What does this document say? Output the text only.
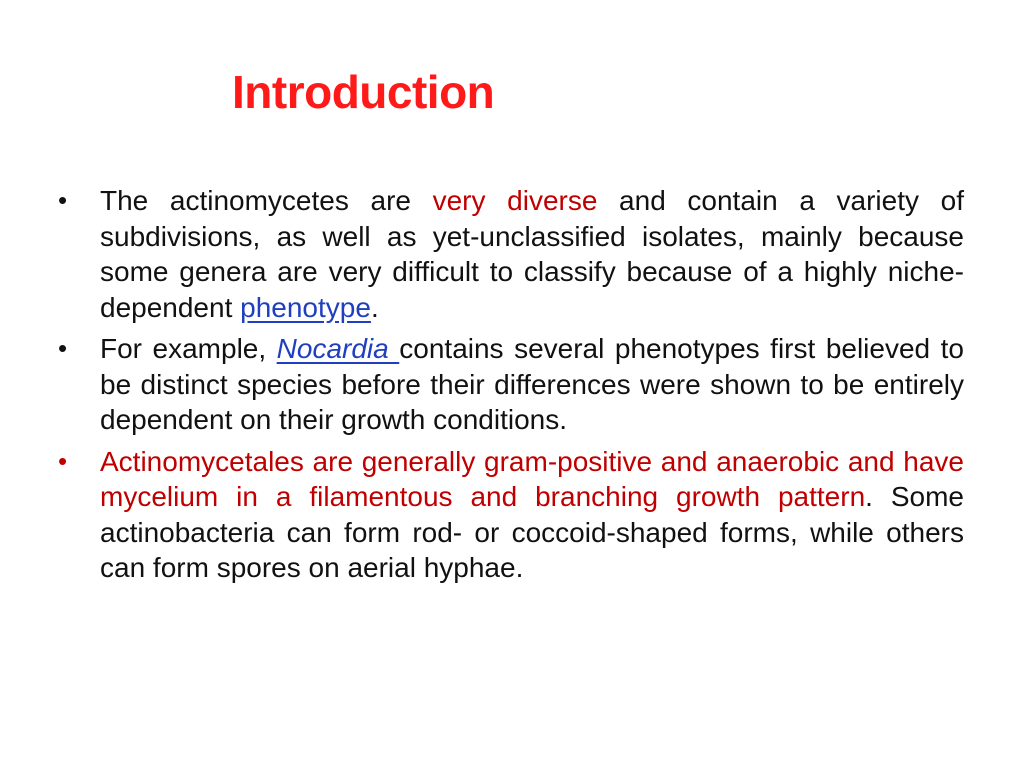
Introduction
•	The actinomycetes are very diverse and contain a variety of subdivisions, as well as yet-unclassified isolates, mainly because some genera are very difficult to classify because of a highly niche-dependent phenotype.
•	For example, Nocardia contains several phenotypes first believed to be distinct species before their differences were shown to be entirely dependent on their growth conditions.
•	Actinomycetales are generally gram-positive and anaerobic and have mycelium in a filamentous and branching growth pattern. Some actinobacteria can form rod- or coccoid-shaped forms, while others can form spores on aerial hyphae.
